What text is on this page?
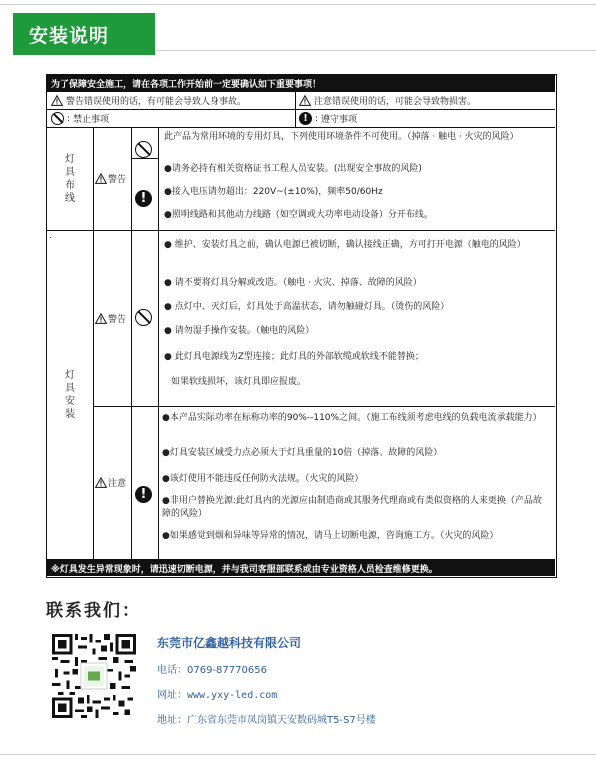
安装说明
为了保障安全施工，请在各项工作开始前一定要确认如下重要事项！
警告错误使用的话，有可能会导致人身事故。	注意错误使用的话，可能会导致物损害。
: 禁止事项	! : 遵守事项
灯具布线
警告
!
此产品为常用环境的专用灯具，下列使用环境条件不可使用。（掉落 · 触电 · 火灾的风险）
●请务必持有相关资格证书工程人员安装。(出现安全事故的风险)
●接入电压请勿超出：220V~(±10%)，频率50/60Hz
●照明线路和其他动力线路（如空调或大功率电动设备）分开布线。
.
灯具安装
警告
● 维护、安装灯具之前，确认电源已被切断，确认接线正确，方可打开电源（触电的风险）
● 请不要将灯具分解或改造。（触电 · 火灾、掉落、故障的风险）
● 点灯中、灭灯后，灯具处于高温状态，请勿触碰灯具。（烫伤的风险）
● 请勿湿手操作安装。（触电的风险）
● 此灯具电源线为Z型连接；此灯具的外部软缆或软线不能替换；
如果软线损坏，该灯具即应报废。
注意
!
●本产品实际功率在标称功率的90%--110%之间。（施工布线须考虑电线的负载电流承载能力）
●灯具安装区域受力点必须大于灯具重量的10倍（掉落、故障的风险）
●该灯使用不能违反任何防火法规。（火灾的风险）
●非用户替换光源:此灯具内的光源应由制造商或其服务代理商或有类似资格的人来更换（产品故障的风险）
●如果感觉到烟和异味等异常的情况，请马上切断电源，咨询施工方。（火灾的风险）
※灯具发生异常现象时，请迅速切断电源，并与我司客服部联系或由专业资格人员检查维修更换。
联系我们：
东莞市亿鑫越科技有限公司
电话：0769-87770656
网址：www.yxy-led.com
地址：广东省东莞市凤岗镇天安数码城T5-S7号楼
